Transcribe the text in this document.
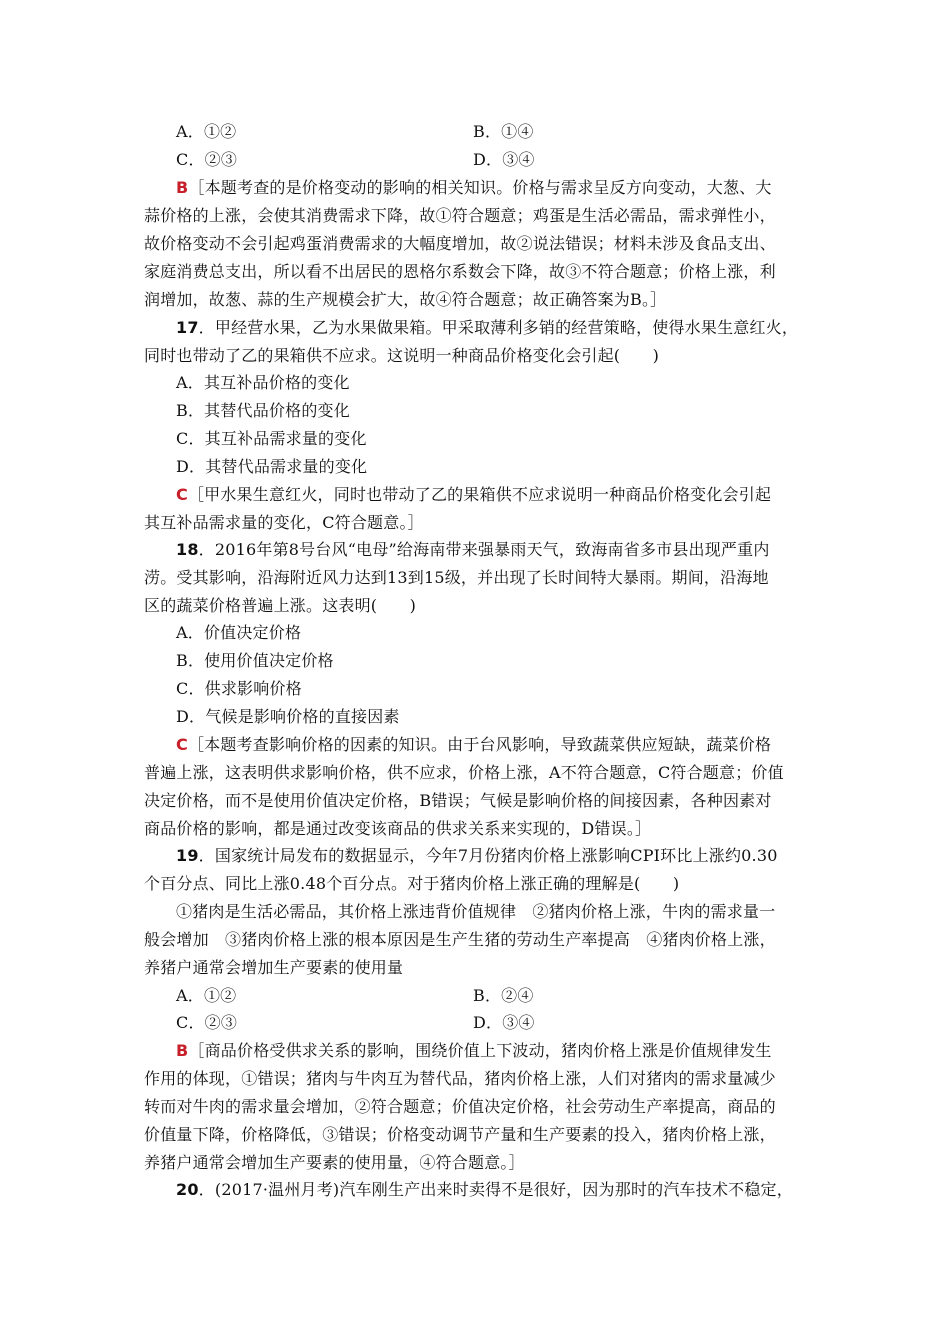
A．①②	B．①④
C．②③	D．③④
B［本题考查的是价格变动的影响的相关知识。价格与需求呈反方向变动，大葱、大
蒜价格的上涨，会使其消费需求下降，故①符合题意；鸡蛋是生活必需品，需求弹性小，
故价格变动不会引起鸡蛋消费需求的大幅度增加，故②说法错误；材料未涉及食品支出、
家庭消费总支出，所以看不出居民的恩格尔系数会下降，故③不符合题意；价格上涨，利
润增加，故葱、蒜的生产规模会扩大，故④符合题意；故正确答案为B。］
17．甲经营水果，乙为水果做果箱。甲采取薄利多销的经营策略，使得水果生意红火，
同时也带动了乙的果箱供不应求。这说明一种商品价格变化会引起(　　)
A．其互补品价格的变化
B．其替代品价格的变化
C．其互补品需求量的变化
D．其替代品需求量的变化
C［甲水果生意红火，同时也带动了乙的果箱供不应求说明一种商品价格变化会引起
其互补品需求量的变化，C符合题意。］
18．2016年第8号台风“电母”给海南带来强暴雨天气，致海南省多市县出现严重内
涝。受其影响，沿海附近风力达到13到15级，并出现了长时间特大暴雨。期间，沿海地
区的蔬菜价格普遍上涨。这表明(　　)
A．价值决定价格
B．使用价值决定价格
C．供求影响价格
D．气候是影响价格的直接因素
C［本题考查影响价格的因素的知识。由于台风影响，导致蔬菜供应短缺，蔬菜价格
普遍上涨，这表明供求影响价格，供不应求，价格上涨，A不符合题意，C符合题意；价值
决定价格，而不是使用价值决定价格，B错误；气候是影响价格的间接因素，各种因素对
商品价格的影响，都是通过改变该商品的供求关系来实现的，D错误。］
19．国家统计局发布的数据显示，今年7月份猪肉价格上涨影响CPI环比上涨约0.30
个百分点、同比上涨0.48个百分点。对于猪肉价格上涨正确的理解是(　　)
①猪肉是生活必需品，其价格上涨违背价值规律　②猪肉价格上涨，牛肉的需求量一
般会增加　③猪肉价格上涨的根本原因是生产生猪的劳动生产率提高　④猪肉价格上涨，
养猪户通常会增加生产要素的使用量
A．①②	B．②④
C．②③	D．③④
B［商品价格受供求关系的影响，围绕价值上下波动，猪肉价格上涨是价值规律发生
作用的体现，①错误；猪肉与牛肉互为替代品，猪肉价格上涨，人们对猪肉的需求量减少
转而对牛肉的需求量会增加，②符合题意；价值决定价格，社会劳动生产率提高，商品的
价值量下降，价格降低，③错误；价格变动调节产量和生产要素的投入，猪肉价格上涨，
养猪户通常会增加生产要素的使用量，④符合题意。］
20．(2017·温州月考)汽车刚生产出来时卖得不是很好，因为那时的汽车技术不稳定，
